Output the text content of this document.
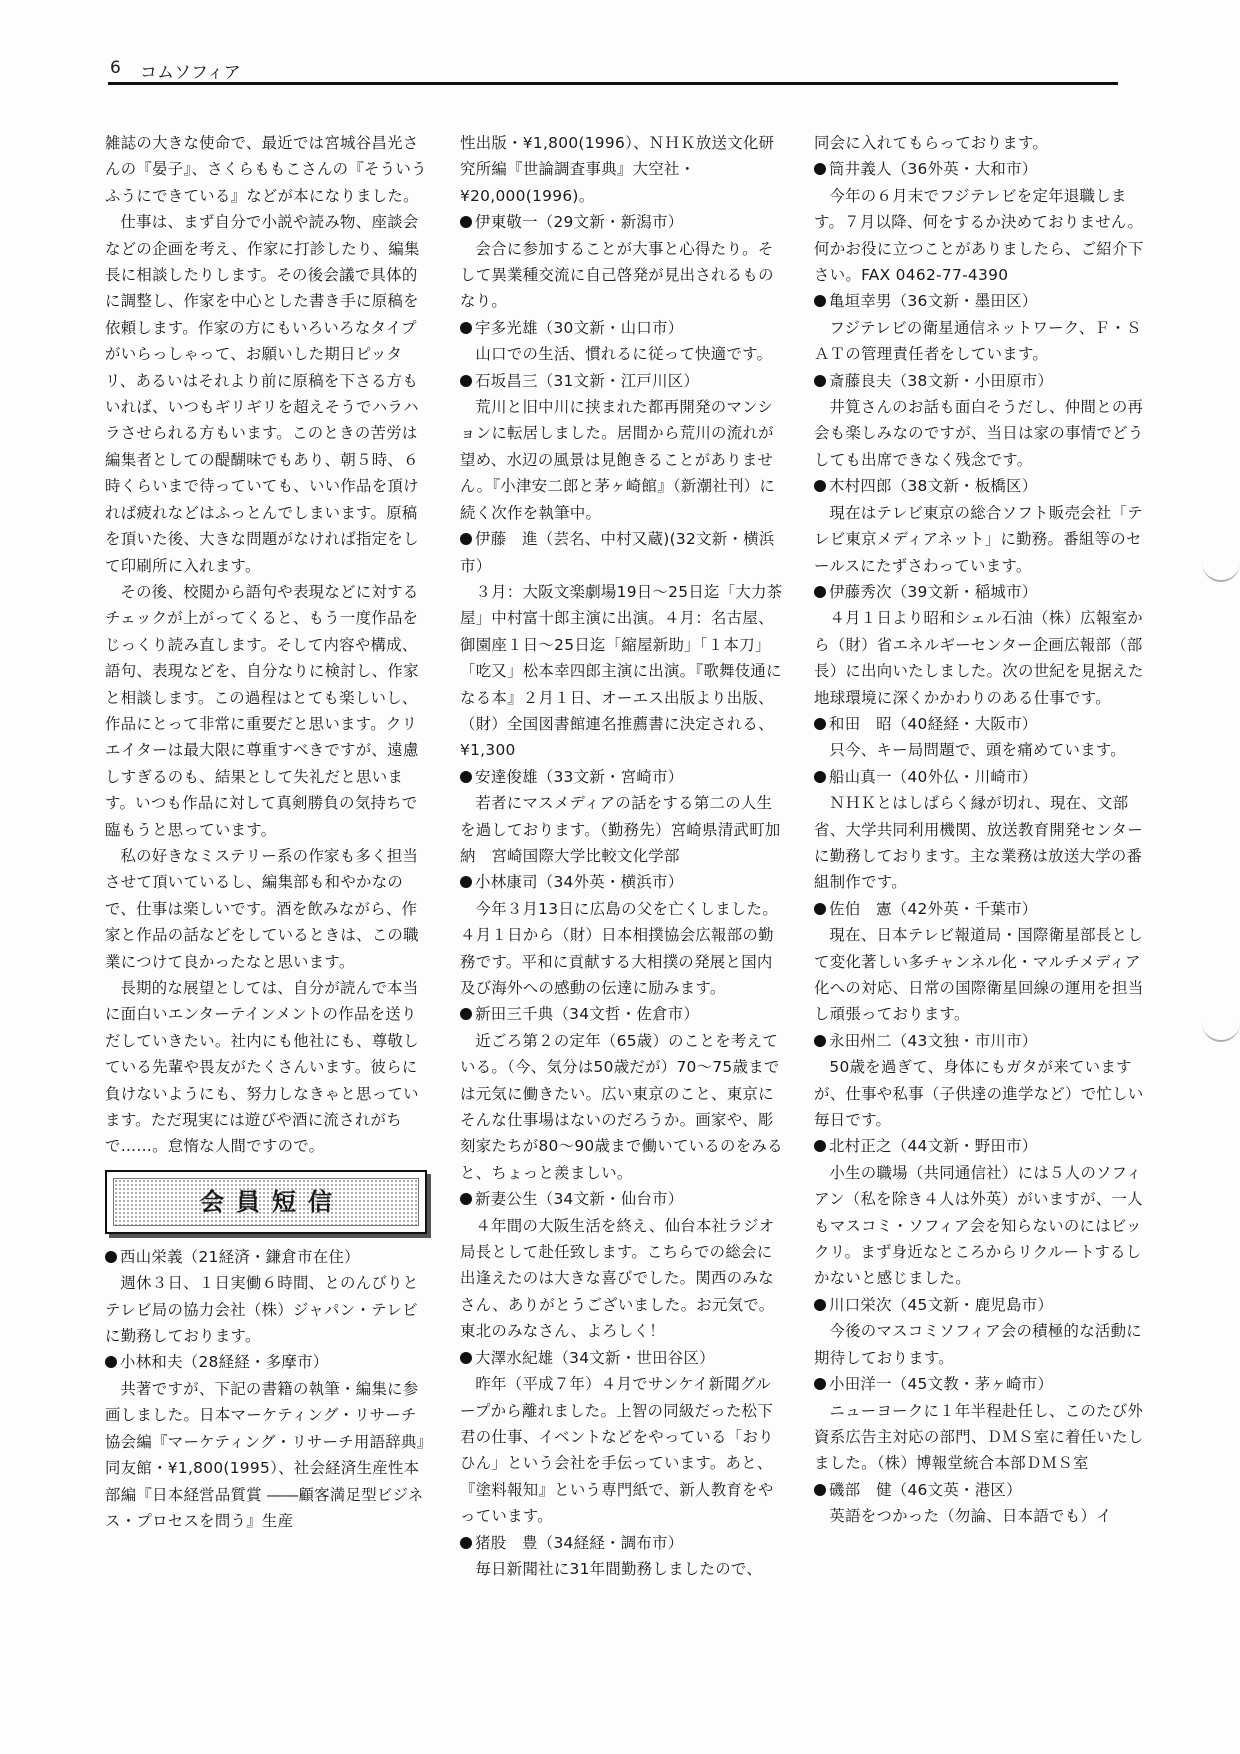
6 コムソフィア

雑誌の大きな使命で、最近では宮城谷昌光さんの『晏子』、さくらももこさんの『そういうふうにできている』などが本になりました。

仕事は、まず自分で小説や読み物、座談会などの企画を考え、作家に打診したり、編集長に相談したりします。その後会議で具体的に調整し、作家を中心とした書き手に原稿を依頼します。作家の方にもいろいろなタイプがいらっしゃって、お願いした期日ピッタリ、あるいはそれより前に原稿を下さる方もいれば、いつもギリギリを超えそうでハラハラさせられる方もいます。このときの苦労は編集者としての醍醐味でもあり、朝５時、６時くらいまで待っていても、いい作品を頂ければ疲れなどはふっとんでしまいます。原稿を頂いた後、大きな問題がなければ指定をして印刷所に入れます。

その後、校閲から語句や表現などに対するチェックが上がってくると、もう一度作品をじっくり読み直します。そして内容や構成、語句、表現などを、自分なりに検討し、作家と相談します。この過程はとても楽しいし、作品にとって非常に重要だと思います。クリエイターは最大限に尊重すべきですが、遠慮しすぎるのも、結果として失礼だと思います。いつも作品に対して真剣勝負の気持ちで臨もうと思っています。

私の好きなミステリー系の作家も多く担当させて頂いているし、編集部も和やかなので、仕事は楽しいです。酒を飲みながら、作家と作品の話などをしているときは、この職業につけて良かったなと思います。

長期的な展望としては、自分が読んで本当に面白いエンターテインメントの作品を送りだしていきたい。社内にも他社にも、尊敬している先輩や畏友がたくさんいます。彼らに負けないようにも、努力しなきゃと思っています。ただ現実には遊びや酒に流されがちで……。怠惰な人間ですので。

会員短信

西山栄義（21経済・鎌倉市在住）

週休３日、１日実働６時間、とのんびりとテレビ局の協力会社（株）ジャパン・テレビに勤務しております。

小林和夫（28経経・多摩市）

共著ですが、下記の書籍の執筆・編集に参画しました。日本マーケティング・リサーチ協会編『マーケティング・リサーチ用語辞典』同友館・¥1,800(1995）、社会経済生産性本部編『日本経営品質賞 ――顧客満足型ビジネス・プロセスを問う』生産

性出版・¥1,800(1996）、ＮＨＫ放送文化研究所編『世論調査事典』大空社・¥20,000(1996)。

伊東敬一（29文新・新潟市）

会合に参加することが大事と心得たり。そして異業種交流に自己啓発が見出されるものなり。

宇多光雄（30文新・山口市）

山口での生活、慣れるに従って快適です。

石坂昌三（31文新・江戸川区）

荒川と旧中川に挟まれた都再開発のマンションに転居しました。居間から荒川の流れが望め、水辺の風景は見飽きることがありません。『小津安二郎と茅ヶ崎館』（新潮社刊）に続く次作を執筆中。

伊藤　進（芸名、中村又蔵)(32文新・横浜市）

３月：大阪文楽劇場19日～25日迄「大力茶屋」中村富十郎主演に出演。４月：名古屋、御園座１日～25日迄「縮屋新助」「１本刀」「吃又」松本幸四郎主演に出演。『歌舞伎通になる本』２月１日、オーエス出版より出版、（財）全国図書館連名推薦書に決定される、¥1,300

安達俊雄（33文新・宮崎市）

若者にマスメディアの話をする第二の人生を過しております。（勤務先）宮崎県清武町加納　宮崎国際大学比較文化学部

小林康司（34外英・横浜市）

今年３月13日に広島の父を亡くしました。４月１日から（財）日本相撲協会広報部の勤務です。平和に貢献する大相撲の発展と国内及び海外への感動の伝達に励みます。

新田三千典（34文哲・佐倉市）

近ごろ第２の定年（65歳）のことを考えている。（今、気分は50歳だが）70～75歳までは元気に働きたい。広い東京のこと、東京にそんな仕事場はないのだろうか。画家や、彫刻家たちが80～90歳まで働いているのをみると、ちょっと羨ましい。

新妻公生（34文新・仙台市）

４年間の大阪生活を終え、仙台本社ラジオ局長として赴任致します。こちらでの総会に出逢えたのは大きな喜びでした。関西のみなさん、ありがとうございました。お元気で。東北のみなさん、よろしく！

大澤水紀雄（34文新・世田谷区）

昨年（平成７年）４月でサンケイ新聞グループから離れました。上智の同級だった松下君の仕事、イベントなどをやっている「おりひん」という会社を手伝っています。あと、『塗料報知』という専門紙で、新人教育をやっています。

猪股　豊（34経経・調布市）

毎日新聞社に31年間勤務しましたので、

同会に入れてもらっております。

筒井義人（36外英・大和市）

今年の６月末でフジテレビを定年退職します。７月以降、何をするか決めておりません。何かお役に立つことがありましたら、ご紹介下さい。FAX 0462-77-4390

亀垣幸男（36文新・墨田区）

フジテレビの衛星通信ネットワーク、Ｆ・ＳＡＴの管理責任者をしています。

斎藤良夫（38文新・小田原市）

井筧さんのお話も面白そうだし、仲間との再会も楽しみなのですが、当日は家の事情でどうしても出席できなく残念です。

木村四郎（38文新・板橋区）

現在はテレビ東京の総合ソフト販売会社「テレビ東京メディアネット」に勤務。番組等のセールスにたずさわっています。

伊藤秀次（39文新・稲城市）

４月１日より昭和シェル石油（株）広報室から（財）省エネルギーセンター企画広報部（部長）に出向いたしました。次の世紀を見据えた地球環境に深くかかわりのある仕事です。

和田　昭（40経経・大阪市）

只今、キー局問題で、頭を痛めています。

船山真一（40外仏・川崎市）

ＮＨＫとはしばらく縁が切れ、現在、文部省、大学共同利用機関、放送教育開発センターに勤務しております。主な業務は放送大学の番組制作です。

佐伯　憲（42外英・千葉市）

現在、日本テレビ報道局・国際衛星部長として変化著しい多チャンネル化・マルチメディア化への対応、日常の国際衛星回線の運用を担当し頑張っております。

永田州二（43文独・市川市）

50歳を過ぎて、身体にもガタが来ていますが、仕事や私事（子供達の進学など）で忙しい毎日です。

北村正之（44文新・野田市）

小生の職場（共同通信社）には５人のソフィアン（私を除き４人は外英）がいますが、一人もマスコミ・ソフィア会を知らないのにはビックリ。まず身近なところからリクルートするしかないと感じました。

川口栄次（45文新・鹿児島市）

今後のマスコミソフィア会の積極的な活動に期待しております。

小田洋一（45文教・茅ヶ崎市）

ニューヨークに１年半程赴任し、このたび外資系広告主対応の部門、ＤＭＳ室に着任いたしました。（株）博報堂統合本部ＤＭＳ室

磯部　健（46文英・港区）

英語をつかった（勿論、日本語でも）イ
